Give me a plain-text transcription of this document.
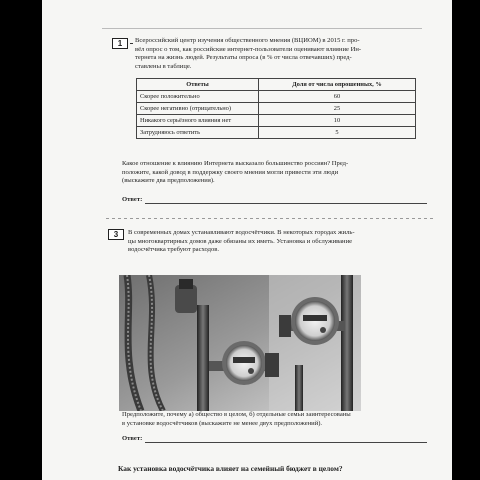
1	Всероссийский центр изучения общественного мнения (ВЦИОМ) в 2015 г. про-
вёл опрос о том, как российские интернет-пользователи оценивают влияние Ин-
тернета на жизнь людей. Результаты опроса (в % от числа отвечавших) пред-
ставлены в таблице.
Ответы	Доля от числа опрошенных, %
Скорее положительно	60
Скорее негативно (отрицательно)	25
Никакого серьёзного влияния нет	10
Затрудняюсь ответить	5
Какое отношение к влиянию Интернета высказало большинство россиян? Пред-
положите, какой довод в поддержку своего мнения могли привести эти люди
(выскажите два предположения).
Ответ:
3	В современных домах устанавливают водосчётчики. В некоторых городах жиль-
цы многоквартирных домов даже обязаны их иметь. Установка и обслуживание
водосчётчика требуют расходов.
Предположите, почему а) общество в целом, б) отдельные семьи заинтересованы
в установке водосчётчиков (выскажите не менее двух предположений).
Ответ:
Как установка водосчётчика влияет на семейный бюджет в целом?
